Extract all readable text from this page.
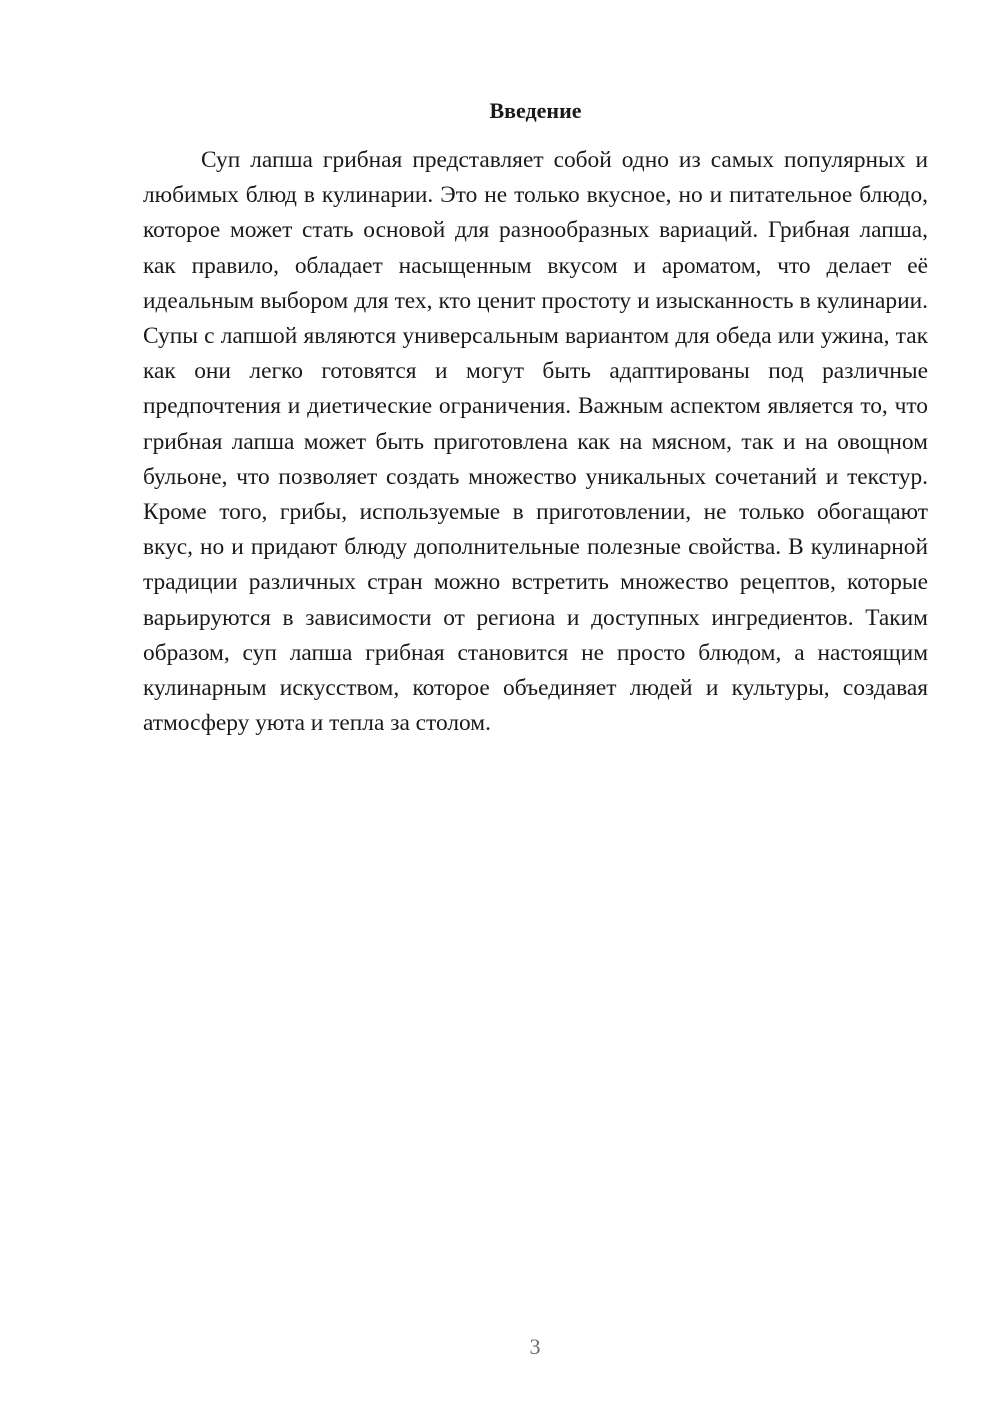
Введение

Суп лапша грибная представляет собой одно из самых популярных и любимых блюд в кулинарии. Это не только вкусное, но и питательное блюдо, которое может стать основой для разнообразных вариаций. Грибная лапша, как правило, обладает насыщенным вкусом и ароматом, что делает её идеальным выбором для тех, кто ценит простоту и изысканность в кулинарии. Супы с лапшой являются универсальным вариантом для обеда или ужина, так как они легко готовятся и могут быть адаптированы под различные предпочтения и диетические ограничения. Важным аспектом является то, что грибная лапша может быть приготовлена как на мясном, так и на овощном бульоне, что позволяет создать множество уникальных сочетаний и текстур. Кроме того, грибы, используемые в приготовлении, не только обогащают вкус, но и придают блюду дополнительные полезные свойства. В кулинарной традиции различных стран можно встретить множество рецептов, которые варьируются в зависимости от региона и доступных ингредиентов. Таким образом, суп лапша грибная становится не просто блюдом, а настоящим кулинарным искусством, которое объединяет людей и культуры, создавая атмосферу уюта и тепла за столом.

3
